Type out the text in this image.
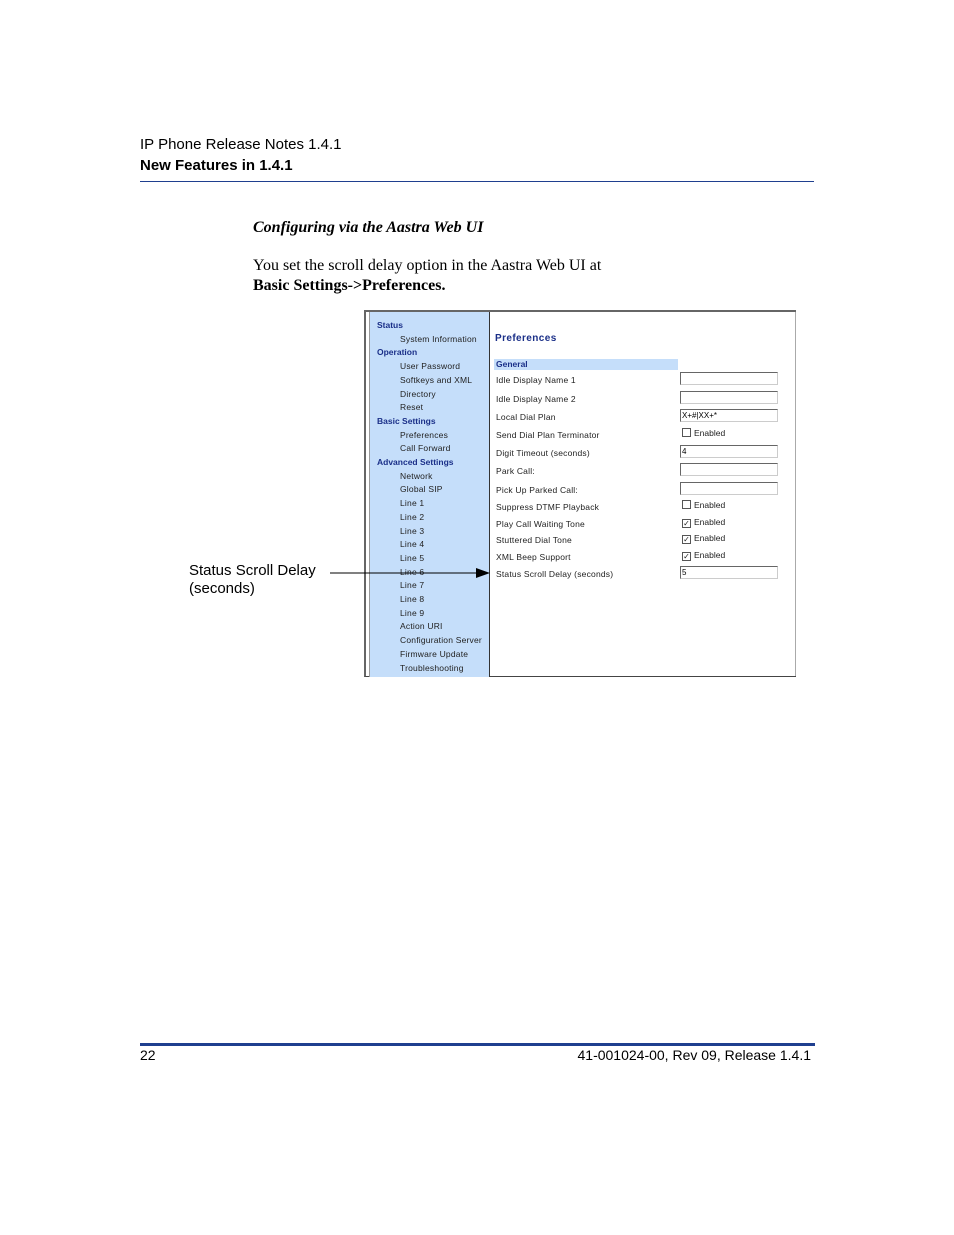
IP Phone Release Notes 1.4.1
New Features in 1.4.1
Configuring via the Aastra Web UI
You set the scroll delay option in the Aastra Web UI at
Basic Settings->Preferences.
Status
System Information
Operation
User Password
Softkeys and XML
Directory
Reset
Basic Settings
Preferences
Call Forward
Advanced Settings
Network
Global SIP
Line 1
Line 2
Line 3
Line 4
Line 5
Line 6
Line 7
Line 8
Line 9
Action URI
Configuration Server
Firmware Update
Troubleshooting
Preferences
General
Idle Display Name 1
Idle Display Name 2
Local Dial Plan	X+#|XX+*
Send Dial Plan Terminator	Enabled
Digit Timeout (seconds)	4
Park Call:
Pick Up Parked Call:
Suppress DTMF Playback	Enabled
Play Call Waiting Tone	✓ Enabled
Stuttered Dial Tone	✓ Enabled
XML Beep Support	✓ Enabled
Status Scroll Delay (seconds)	5
Status Scroll Delay
(seconds)
22	41-001024-00, Rev 09, Release 1.4.1
